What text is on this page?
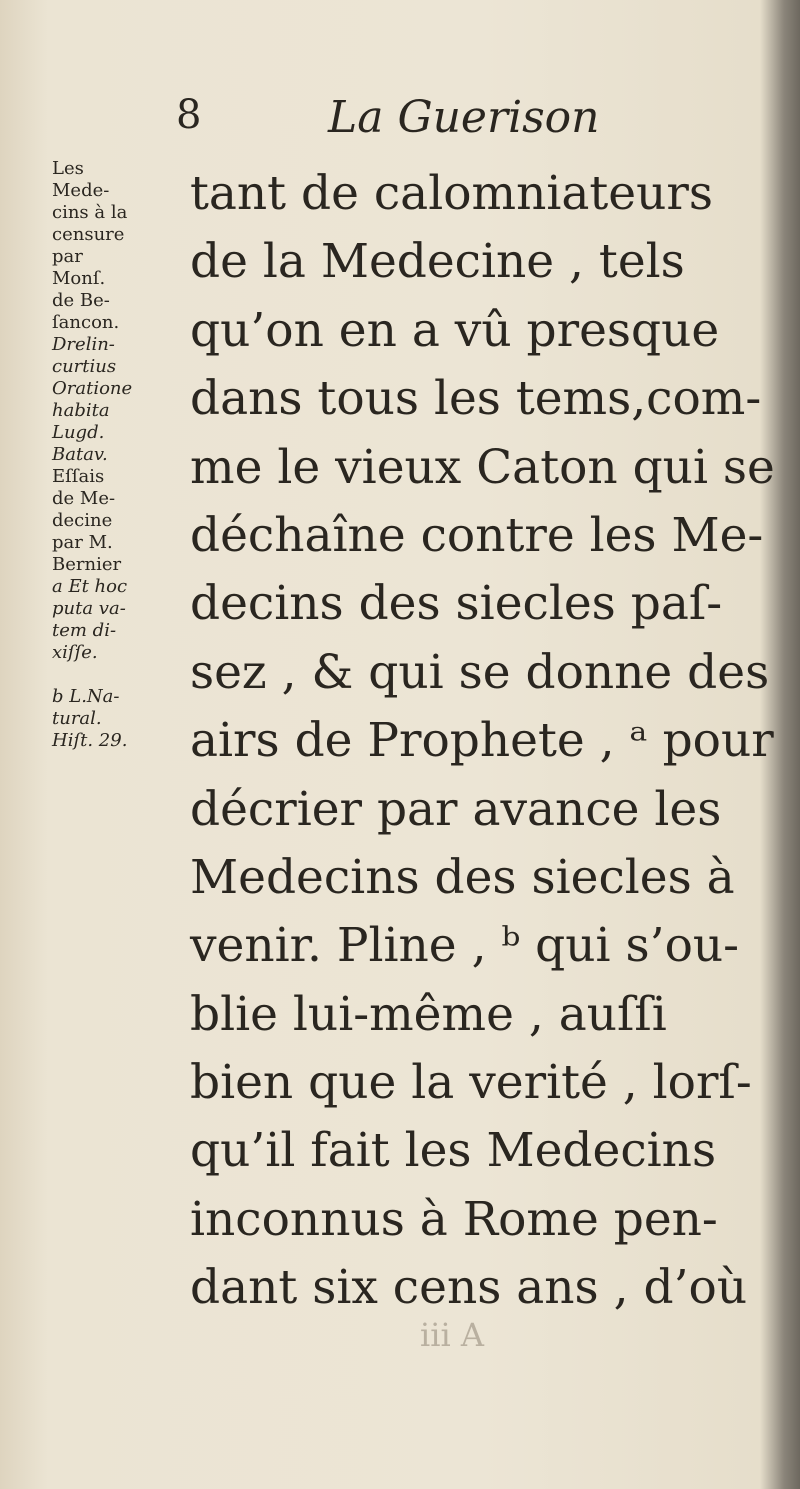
8	La Guerison
Les
Mede-
cins à la
censure
par
Monſ.
de Be-
ſancon.
Drelin-
curtius
Oratione
habita
Lugd.
Batav.
Eſſais
de Me-
decine
par M.
Bernier
a Et hoc
puta va-
tem di-
xiſſe.

b L.Na-
tural.
Hiſt. 29.
tant de calomniateurs
de la Medecine , tels
qu’on en a vû presque
dans tous les tems,com-
me le vieux Caton qui se
déchaîne contre les Me-
decins des siecles paſ-
sez , & qui se donne des
airs de Prophete , ᵃ pour
décrier par avance les
Medecins des siecles à
venir. Pline , ᵇ qui s’ou-
blie lui-même , auſſi
bien que la verité , lorſ-
qu’il fait les Medecins
inconnus à Rome pen-
dant six cens ans , d’où
iii A
